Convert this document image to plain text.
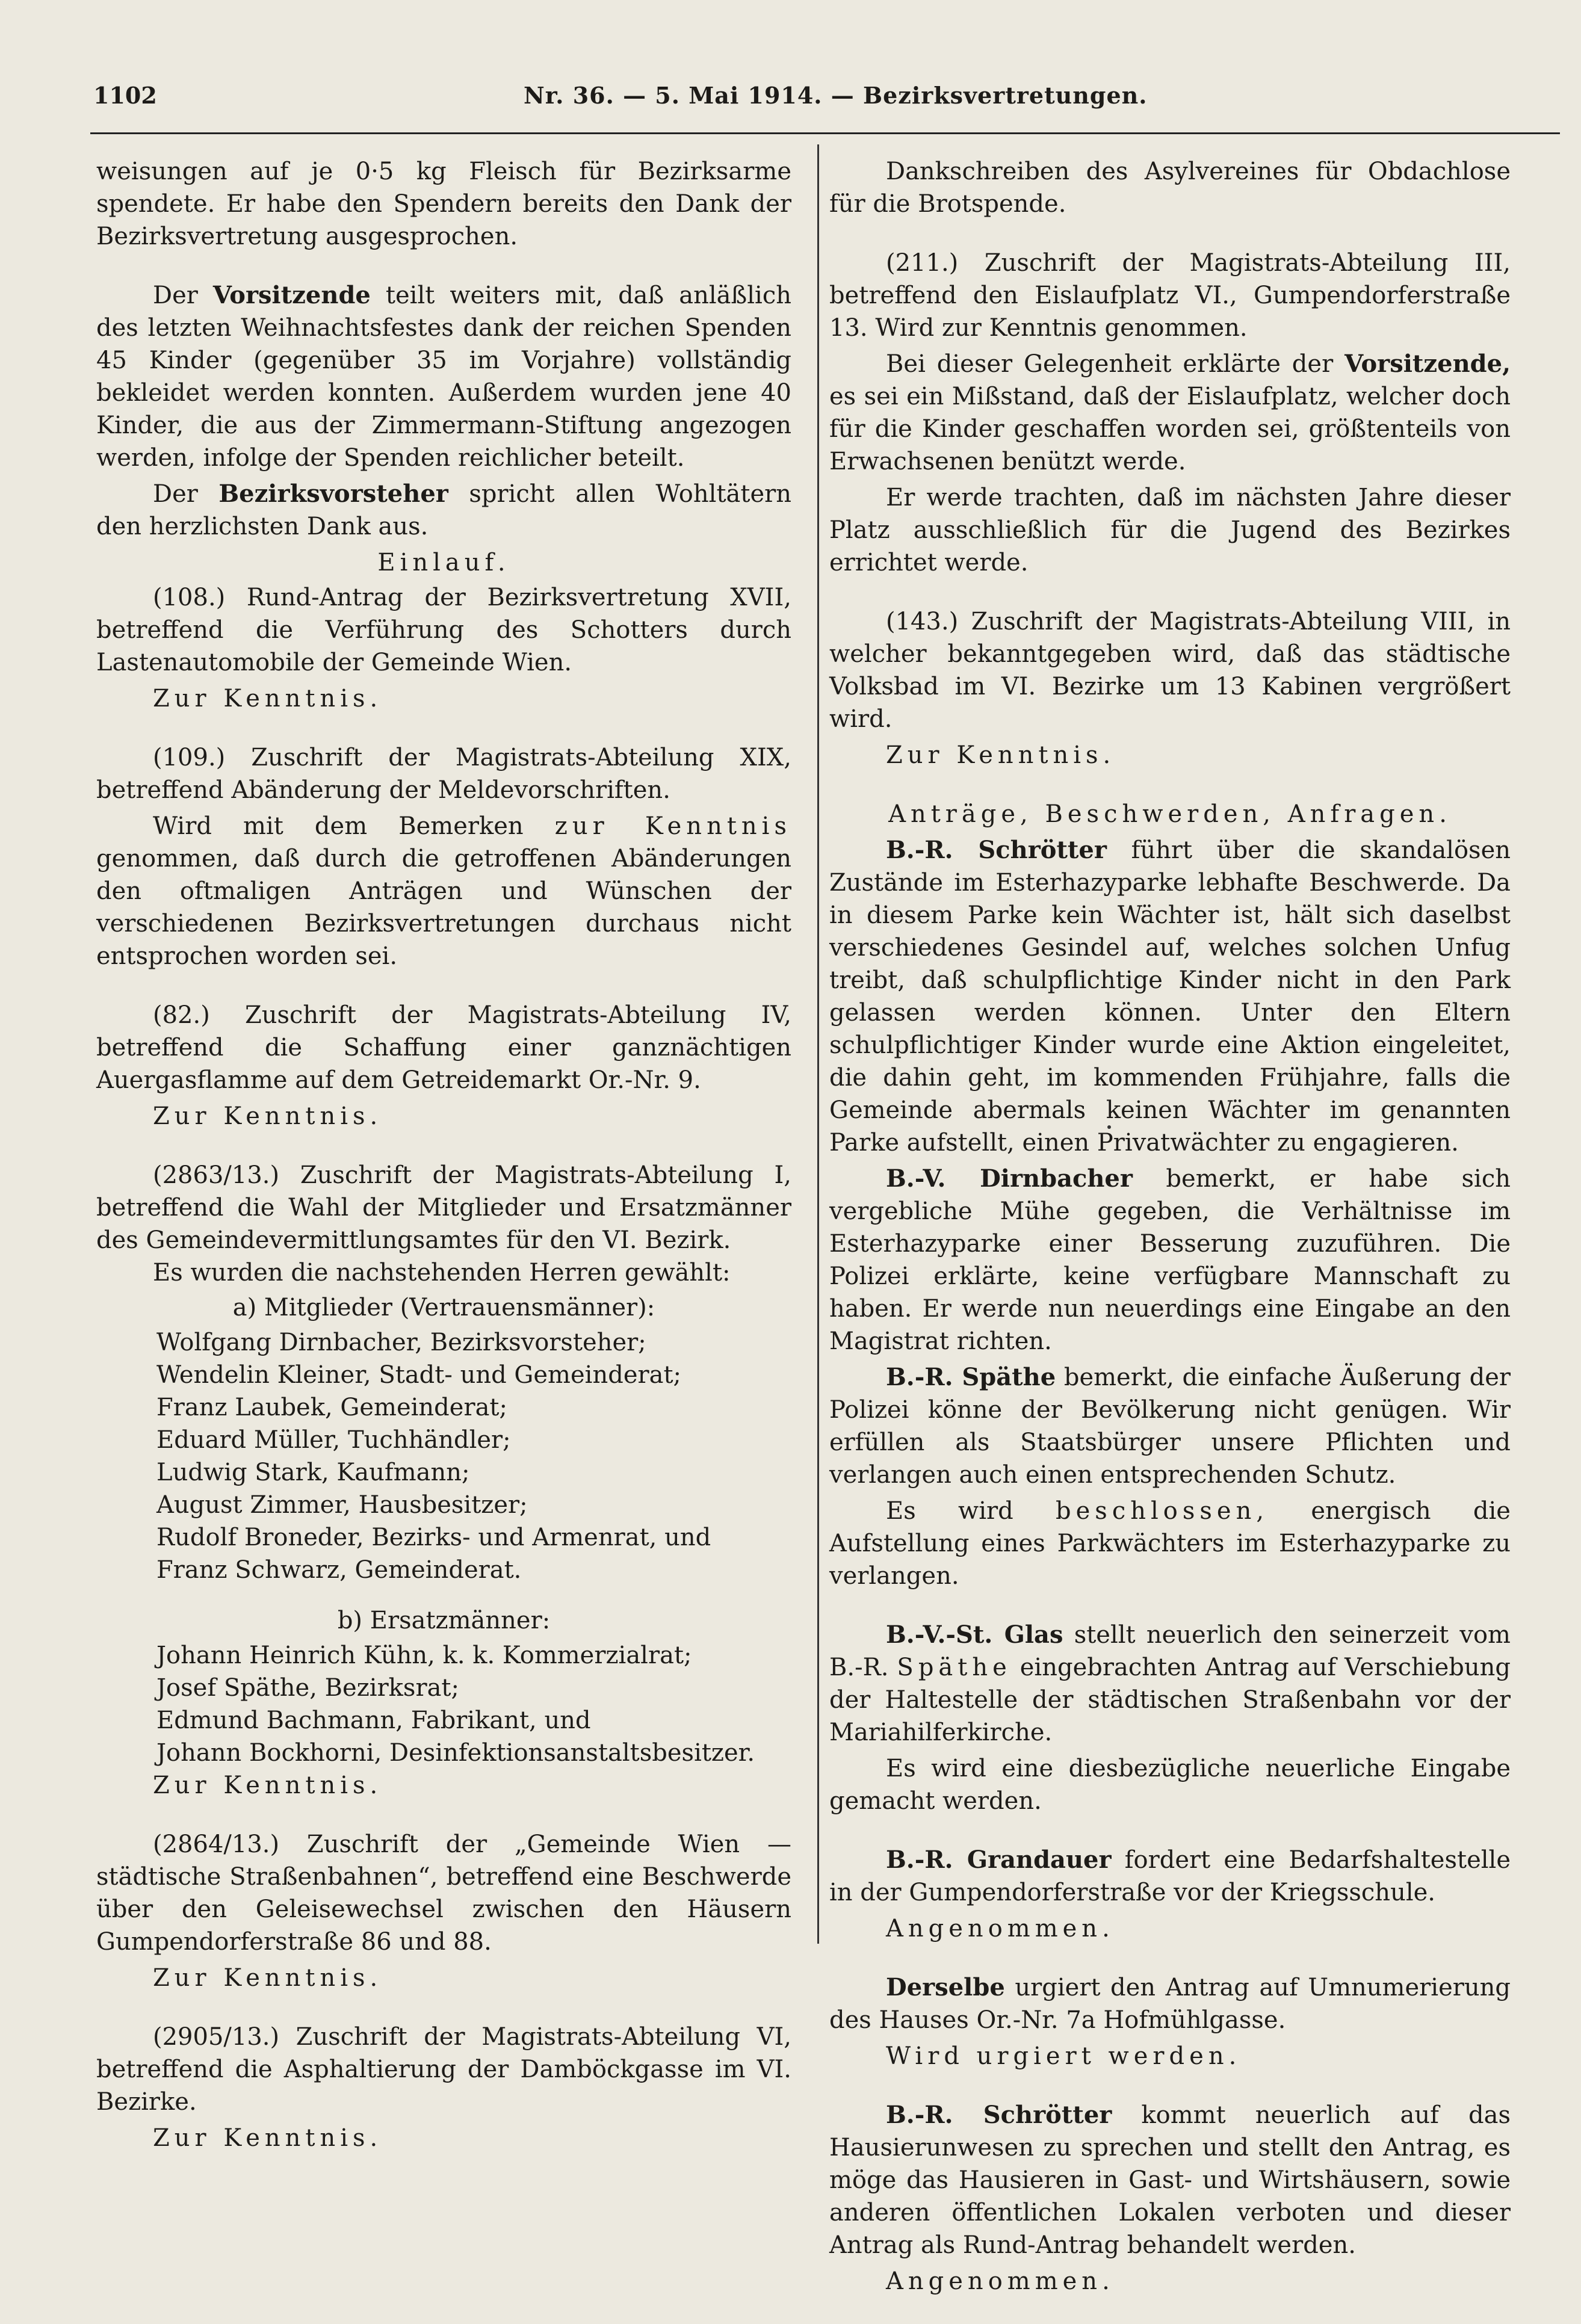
1102	Nr. 36. — 5. Mai 1914. — Bezirksvertretungen.

weisungen auf je 0·5 kg Fleisch für Bezirksarme spendete. Er habe den Spendern bereits den Dank der Bezirksvertretung ausgesprochen.

Der Vorsitzende teilt weiters mit, daß anläßlich des letzten Weihnachtsfestes dank der reichen Spenden 45 Kinder (gegenüber 35 im Vorjahre) vollständig bekleidet werden konnten. Außerdem wurden jene 40 Kinder, die aus der Zimmermann-Stiftung angezogen werden, infolge der Spenden reichlicher beteilt.

Der Bezirksvorsteher spricht allen Wohltätern den herzlichsten Dank aus.

Einlauf.

(108.) Rund-Antrag der Bezirksvertretung XVII, betreffend die Verführung des Schotters durch Lastenautomobile der Gemeinde Wien.

Zur Kenntnis.

(109.) Zuschrift der Magistrats-Abteilung XIX, betreffend Abänderung der Meldevorschriften.

Wird mit dem Bemerken zur Kenntnis genommen, daß durch die getroffenen Abänderungen den oftmaligen Anträgen und Wünschen der verschiedenen Bezirksvertretungen durchaus nicht entsprochen worden sei.

(82.) Zuschrift der Magistrats-Abteilung IV, betreffend die Schaffung einer ganznächtigen Auergasflamme auf dem Getreidemarkt Or.-Nr. 9.

Zur Kenntnis.

(2863/13.) Zuschrift der Magistrats-Abteilung I, betreffend die Wahl der Mitglieder und Ersatzmänner des Gemeindevermittlungsamtes für den VI. Bezirk.

Es wurden die nachstehenden Herren gewählt:

a) Mitglieder (Vertrauensmänner):
Wolfgang Dirnbacher, Bezirksvorsteher;
Wendelin Kleiner, Stadt- und Gemeinderat;
Franz Laubek, Gemeinderat;
Eduard Müller, Tuchhändler;
Ludwig Stark, Kaufmann;
August Zimmer, Hausbesitzer;
Rudolf Broneder, Bezirks- und Armenrat, und
Franz Schwarz, Gemeinderat.
b) Ersatzmänner:
Johann Heinrich Kühn, k. k. Kommerzialrat;
Josef Späthe, Bezirksrat;
Edmund Bachmann, Fabrikant, und
Johann Bockhorni, Desinfektionsanstaltsbesitzer.

Zur Kenntnis.

(2864/13.) Zuschrift der „Gemeinde Wien — städtische Straßenbahnen“, betreffend eine Beschwerde über den Geleisewechsel zwischen den Häusern Gumpendorferstraße 86 und 88.

Zur Kenntnis.

(2905/13.) Zuschrift der Magistrats-Abteilung VI, betreffend die Asphaltierung der Damböckgasse im VI. Bezirke.

Zur Kenntnis.

Dankschreiben des Asylvereines für Obdachlose für die Brotspende.

(211.) Zuschrift der Magistrats-Abteilung III, betreffend den Eislaufplatz VI., Gumpendorferstraße 13. Wird zur Kenntnis genommen.

Bei dieser Gelegenheit erklärte der Vorsitzende, es sei ein Mißstand, daß der Eislaufplatz, welcher doch für die Kinder geschaffen worden sei, größtenteils von Erwachsenen benützt werde.

Er werde trachten, daß im nächsten Jahre dieser Platz ausschließlich für die Jugend des Bezirkes errichtet werde.

(143.) Zuschrift der Magistrats-Abteilung VIII, in welcher bekanntgegeben wird, daß das städtische Volksbad im VI. Bezirke um 13 Kabinen vergrößert wird.

Zur Kenntnis.

Anträge, Beschwerden, Anfragen.

B.-R. Schrötter führt über die skandalösen Zustände im Esterhazyparke lebhafte Beschwerde. Da in diesem Parke kein Wächter ist, hält sich daselbst verschiedenes Gesindel auf, welches solchen Unfug treibt, daß schulpflichtige Kinder nicht in den Park gelassen werden können. Unter den Eltern schulpflichtiger Kinder wurde eine Aktion eingeleitet, die dahin geht, im kommenden Frühjahre, falls die Gemeinde abermals keinen Wächter im genannten Parke aufstellt, einen Privatwächter zu engagieren.

B.-V. Dirnbacher bemerkt, er habe sich vergebliche Mühe gegeben, die Verhältnisse im Esterhazyparke einer Besserung zuzuführen. Die Polizei erklärte, keine verfügbare Mannschaft zu haben. Er werde nun neuerdings eine Eingabe an den Magistrat richten.

B.-R. Späthe bemerkt, die einfache Äußerung der Polizei könne der Bevölkerung nicht genügen. Wir erfüllen als Staatsbürger unsere Pflichten und verlangen auch einen entsprechenden Schutz.

Es wird beschlossen, energisch die Aufstellung eines Parkwächters im Esterhazyparke zu verlangen.

B.-V.-St. Glas stellt neuerlich den seinerzeit vom B.-R. Späthe eingebrachten Antrag auf Verschiebung der Haltestelle der städtischen Straßenbahn vor der Mariahilferkirche.

Es wird eine diesbezügliche neuerliche Eingabe gemacht werden.

B.-R. Grandauer fordert eine Bedarfshaltestelle in der Gumpendorferstraße vor der Kriegsschule.

Angenommen.

Derselbe urgiert den Antrag auf Umnumerierung des Hauses Or.-Nr. 7a Hofmühlgasse.

Wird urgiert werden.

B.-R. Schrötter kommt neuerlich auf das Hausierunwesen zu sprechen und stellt den Antrag, es möge das Hausieren in Gast- und Wirtshäusern, sowie anderen öffentlichen Lokalen verboten und dieser Antrag als Rund-Antrag behandelt werden.

Angenommen.
